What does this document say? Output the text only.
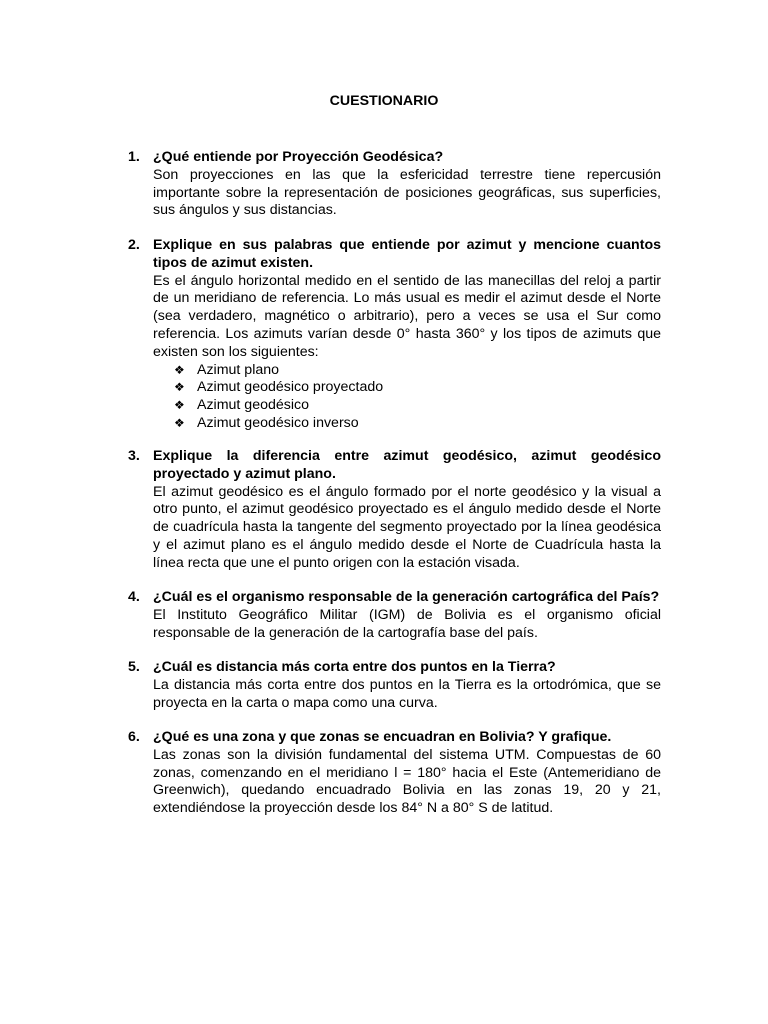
CUESTIONARIO
1. ¿Qué entiende por Proyección Geodésica?
Son proyecciones en las que la esfericidad terrestre tiene repercusión importante sobre la representación de posiciones geográficas, sus superficies, sus ángulos y sus distancias.
2. Explique en sus palabras que entiende por azimut y mencione cuantos tipos de azimut existen.
Es el ángulo horizontal medido en el sentido de las manecillas del reloj a partir de un meridiano de referencia. Lo más usual es medir el azimut desde el Norte (sea verdadero, magnético o arbitrario), pero a veces se usa el Sur como referencia. Los azimuts varían desde 0° hasta 360° y los tipos de azimuts que existen son los siguientes:
❖ Azimut plano
❖ Azimut geodésico proyectado
❖ Azimut geodésico
❖ Azimut geodésico inverso
3. Explique la diferencia entre azimut geodésico, azimut geodésico proyectado y azimut plano.
El azimut geodésico es el ángulo formado por el norte geodésico y la visual a otro punto, el azimut geodésico proyectado es el ángulo medido desde el Norte de cuadrícula hasta la tangente del segmento proyectado por la línea geodésica y el azimut plano es el ángulo medido desde el Norte de Cuadrícula hasta la línea recta que une el punto origen con la estación visada.
4. ¿Cuál es el organismo responsable de la generación cartográfica del País?
El Instituto Geográfico Militar (IGM) de Bolivia es el organismo oficial responsable de la generación de la cartografía base del país.
5. ¿Cuál es distancia más corta entre dos puntos en la Tierra?
La distancia más corta entre dos puntos en la Tierra es la ortodrómica, que se proyecta en la carta o mapa como una curva.
6. ¿Qué es una zona y que zonas se encuadran en Bolivia? Y grafique.
Las zonas son la división fundamental del sistema UTM. Compuestas de 60 zonas, comenzando en el meridiano l = 180° hacia el Este (Antemeridiano de Greenwich), quedando encuadrado Bolivia en las zonas 19, 20 y 21, extendiéndose la proyección desde los 84° N a 80° S de latitud.
